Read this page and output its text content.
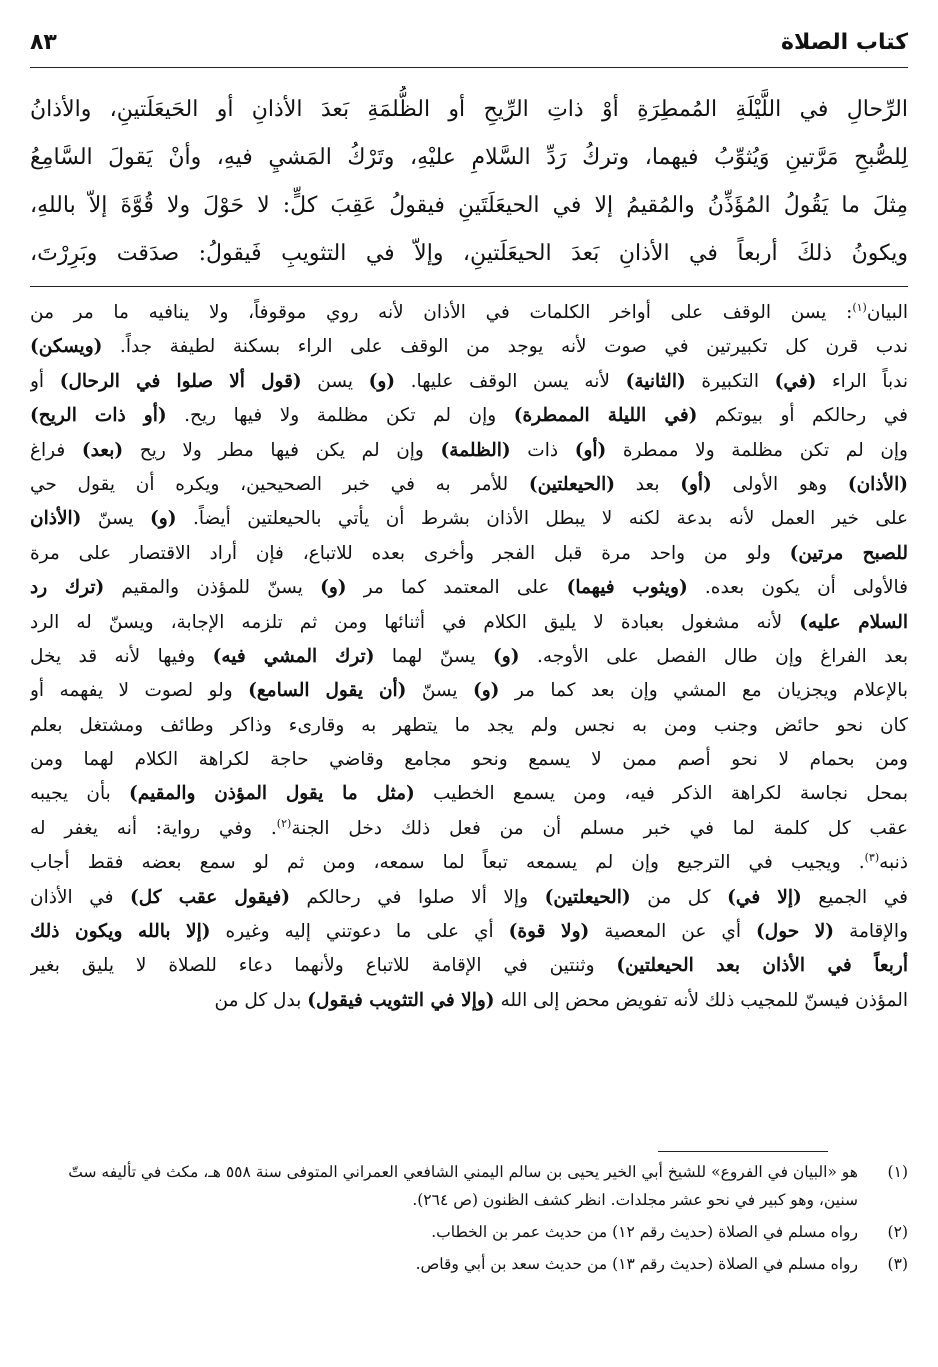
كتاب الصلاة
٨٣

الرِّحالِ في اللَّيْلَةِ المُمطِرَةِ أوْ ذاتِ الرِّيحِ أو الظُّلمَةِ بَعدَ الأذانِ أو الحَيعَلَتينِ، والأذانُ

لِلصُّبحِ مَرَّتينِ وَيُثوِّبُ فيهما، وتركُ رَدِّ السَّلامِ عليْهِ، وتَرْكُ المَشيِ فيهِ، وأنْ يَقولَ السَّامِعُ

مِثلَ ما يَقُولُ المُؤَذِّنُ والمُقيمُ إلا في الحيعَلَتَينِ فيقولُ عَقِبَ كلٍّ: لا حَوْلَ ولا قُوَّةَ إلاّ باللهِ،

ويكونُ ذلكَ أربعاً في الأذانِ بَعدَ الحيعَلَتينِ، وإلاّ في التثويبِ فَيقولُ: صدَقت وبَرِرْتَ،

البيان$^{(١)}$: يسن الوقف على أواخر الكلمات في الأذان لأنه روي موقوفاً، ولا ينافيه ما مر من

ندب قرن كل تكبيرتين في صوت لأنه يوجد من الوقف على الراء بسكنة لطيفة جداً. (ويسكن)

ندباً الراء (في) التكبيرة (الثانية) لأنه يسن الوقف عليها. (و) يسن (قول ألا صلوا في الرحال) أو

في رحالكم أو بيوتكم (في الليلة الممطرة) وإن لم تكن مظلمة ولا فيها ريح. (أو ذات الريح)

وإن لم تكن مظلمة ولا ممطرة (أو) ذات (الظلمة) وإن لم يكن فيها مطر ولا ريح (بعد) فراغ

(الأذان) وهو الأولى (أو) بعد (الحيعلتين) للأمر به في خبر الصحيحين، ويكره أن يقول حي

على خير العمل لأنه بدعة لكنه لا يبطل الأذان بشرط أن يأتي بالحيعلتين أيضاً. (و) يسنّ (الأذان

للصبح مرتين) ولو من واحد مرة قبل الفجر وأخرى بعده للاتباع، فإن أراد الاقتصار على مرة

فالأولى أن يكون بعده. (ويثوب فيهما) على المعتمد كما مر (و) يسنّ للمؤذن والمقيم (ترك رد

السلام عليه) لأنه مشغول بعبادة لا يليق الكلام في أثنائها ومن ثم تلزمه الإجابة، ويسنّ له الرد

بعد الفراغ وإن طال الفصل على الأوجه. (و) يسنّ لهما (ترك المشي فيه) وفيها لأنه قد يخل

بالإعلام ويجزيان مع المشي وإن بعد كما مر (و) يسنّ (أن يقول السامع) ولو لصوت لا يفهمه أو

كان نحو حائض وجنب ومن به نجس ولم يجد ما يتطهر به وقارىء وذاكر وطائف ومشتغل بعلم

ومن بحمام لا نحو أصم ممن لا يسمع ونحو مجامع وقاضي حاجة لكراهة الكلام لهما ومن

بمحل نجاسة لكراهة الذكر فيه، ومن يسمع الخطيب (مثل ما يقول المؤذن والمقيم) بأن يجيبه

عقب كل كلمة لما في خبر مسلم أن من فعل ذلك دخل الجنة$^{(٢)}$. وفي رواية: أنه يغفر له

ذنبه$^{(٣)}$. ويجيب في الترجيع وإن لم يسمعه تبعاً لما سمعه، ومن ثم لو سمع بعضه فقط أجاب

في الجميع (إلا في) كل من (الحيعلتين) وإلا ألا صلوا في رحالكم (فيقول عقب كل) في الأذان

والإقامة (لا حول) أي عن المعصية (ولا قوة) أي على ما دعوتني إليه وغيره (إلا بالله ويكون ذلك

أربعاً في الأذان بعد الحيعلتين) وثنتين في الإقامة للاتباع ولأنهما دعاء للصلاة لا يليق بغير

المؤذن فيسنّ للمجيب ذلك لأنه تفويض محض إلى الله (وإلا في التثويب فيقول) بدل كل من

(١)
هو «البيان في الفروع» للشيخ أبي الخير يحيى بن سالم اليمني الشافعي العمراني المتوفى سنة ٥٥٨ هـ، مكث في تأليفه ستّ سنين، وهو كبير في نحو عشر مجلدات. انظر كشف الظنون (ص ٢٦٤).
(٢)
رواه مسلم في الصلاة (حديث رقم ١٢) من حديث عمر بن الخطاب.
(٣)
رواه مسلم في الصلاة (حديث رقم ١٣) من حديث سعد بن أبي وقاص.
